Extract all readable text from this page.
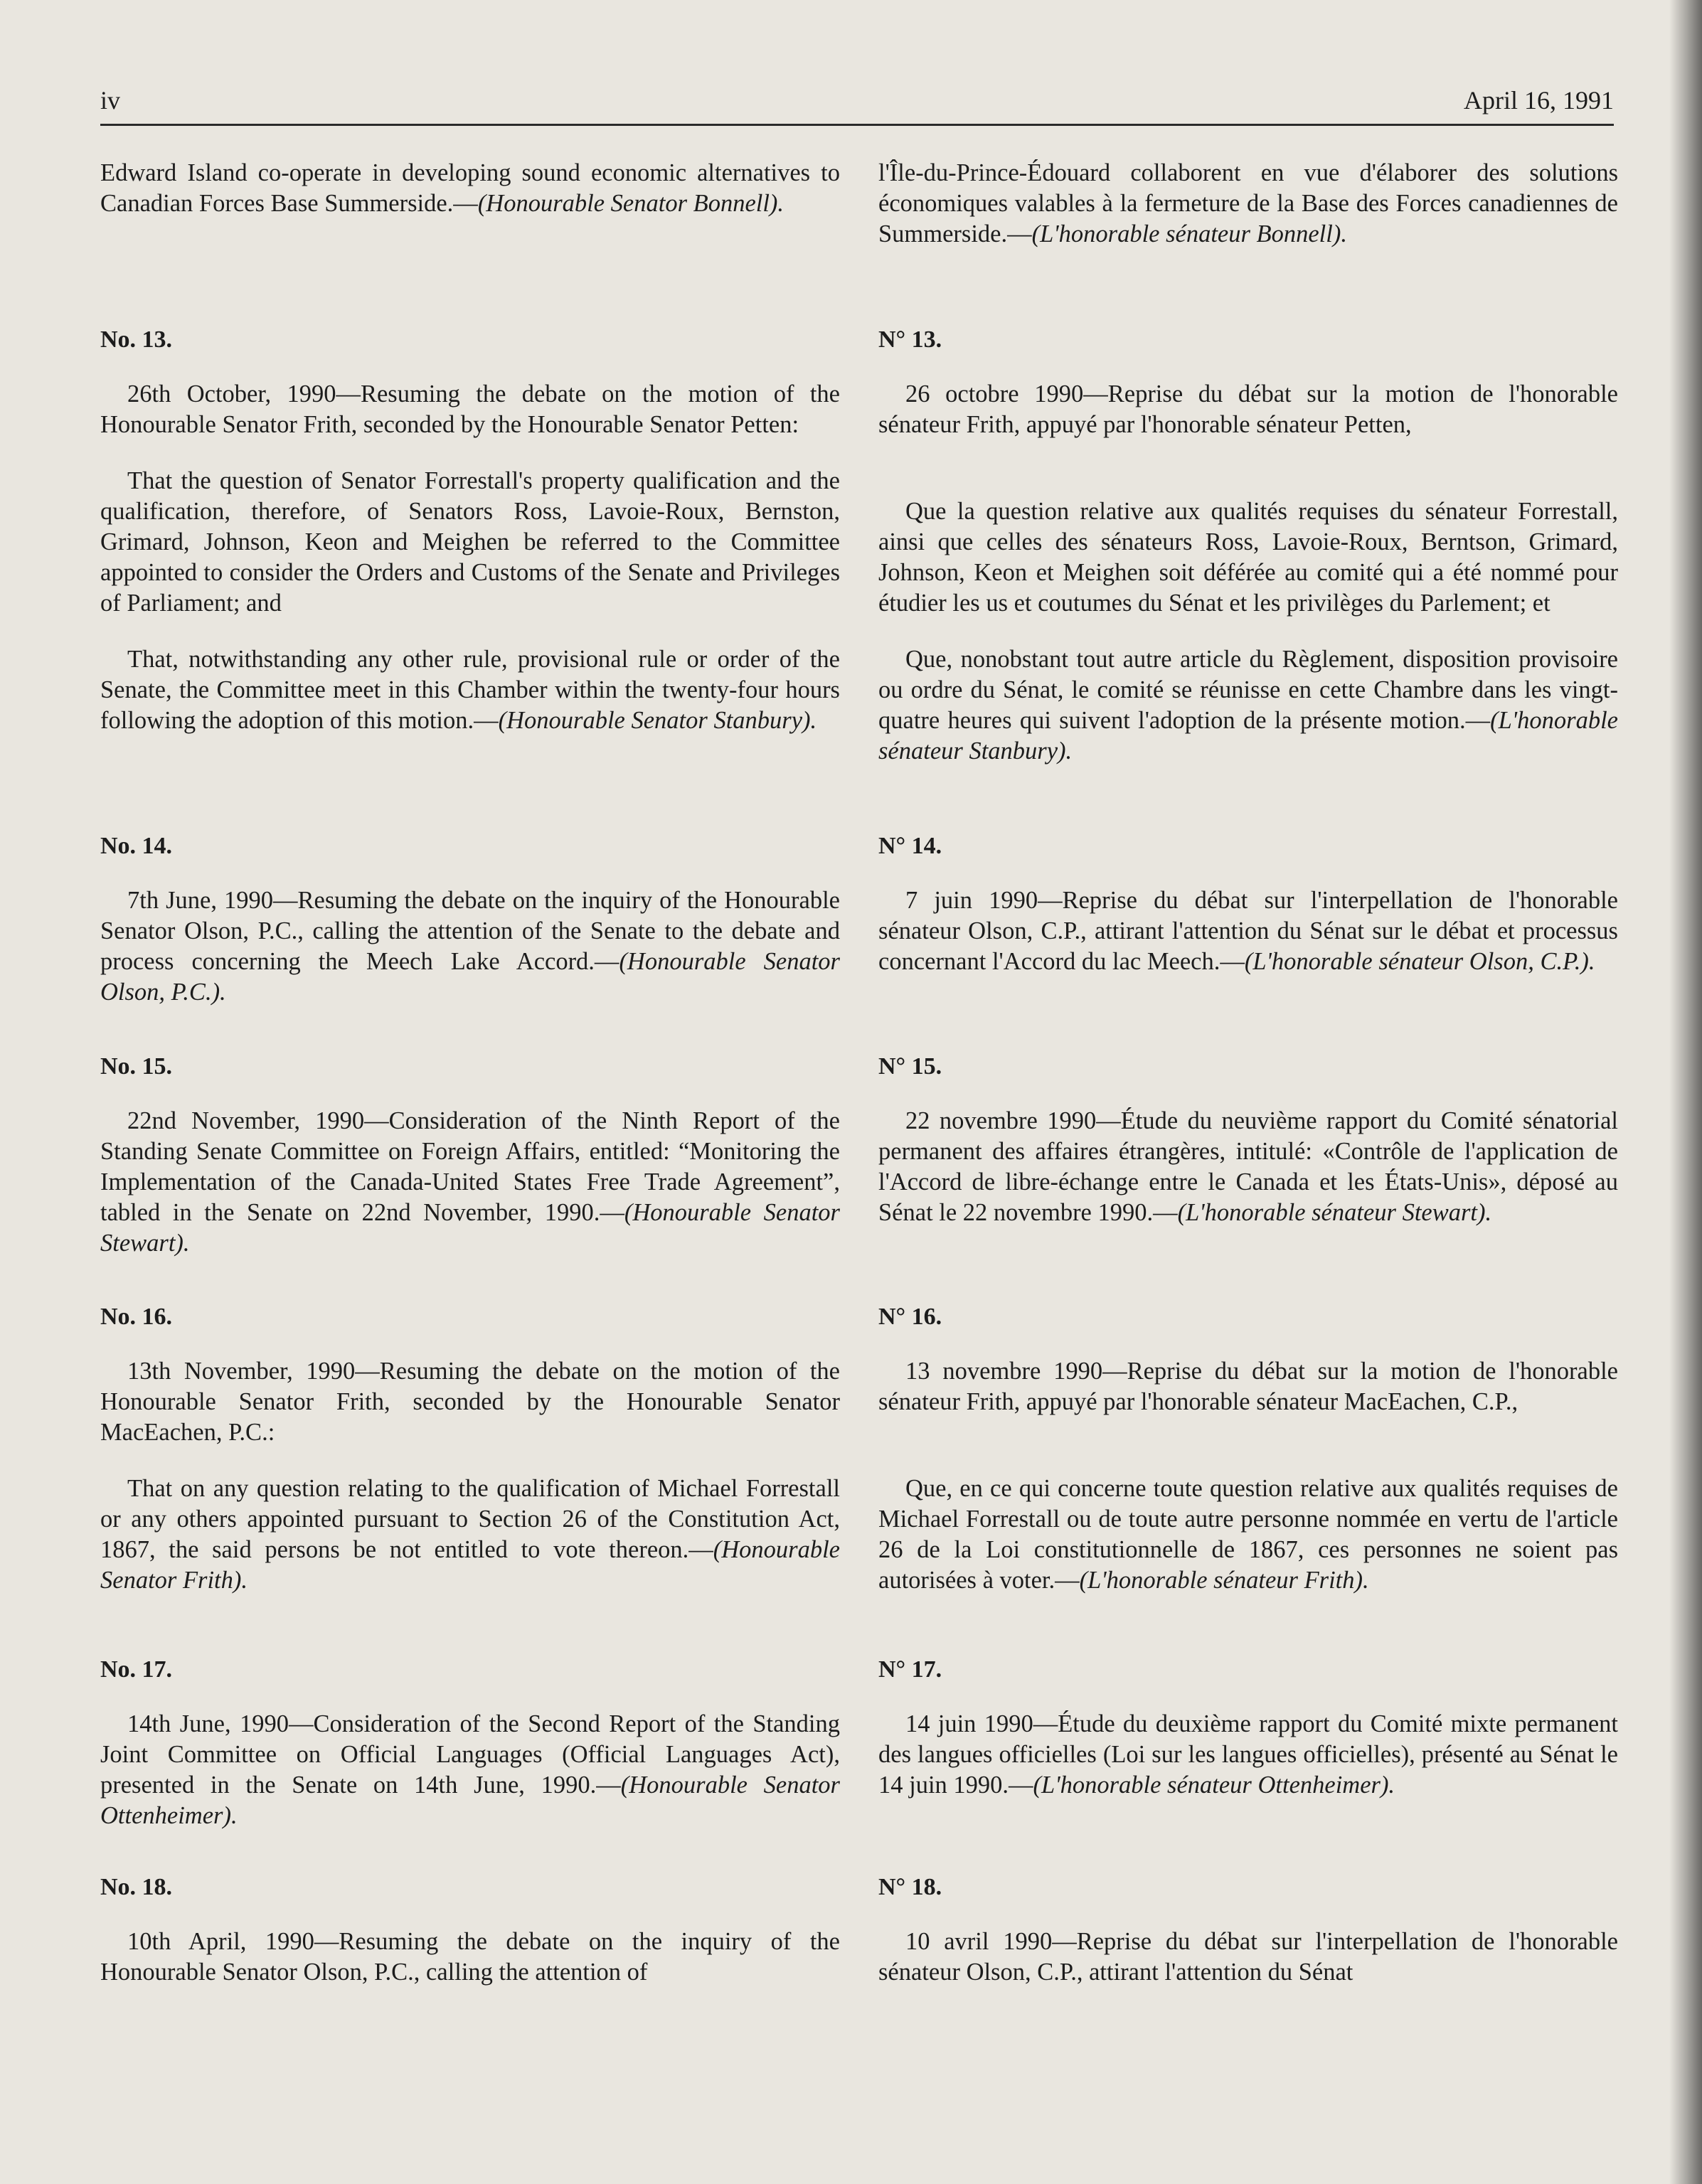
iv	April 16, 1991

Edward Island co-operate in developing sound economic alternatives to Canadian Forces Base Summerside.—(Honourable Senator Bonnell).

No. 13.

26th October, 1990—Resuming the debate on the motion of the Honourable Senator Frith, seconded by the Honourable Senator Petten:

That the question of Senator Forrestall's property qualification and the qualification, therefore, of Senators Ross, Lavoie-Roux, Bernston, Grimard, Johnson, Keon and Meighen be referred to the Committee appointed to consider the Orders and Customs of the Senate and Privileges of Parliament; and

That, notwithstanding any other rule, provisional rule or order of the Senate, the Committee meet in this Chamber within the twenty-four hours following the adoption of this motion.—(Honourable Senator Stanbury).

No. 14.

7th June, 1990—Resuming the debate on the inquiry of the Honourable Senator Olson, P.C., calling the attention of the Senate to the debate and process concerning the Meech Lake Accord.—(Honourable Senator Olson, P.C.).

No. 15.

22nd November, 1990—Consideration of the Ninth Report of the Standing Senate Committee on Foreign Affairs, entitled: “Monitoring the Implementation of the Canada-United States Free Trade Agreement”, tabled in the Senate on 22nd November, 1990.—(Honourable Senator Stewart).

No. 16.

13th November, 1990—Resuming the debate on the motion of the Honourable Senator Frith, seconded by the Honourable Senator MacEachen, P.C.:

That on any question relating to the qualification of Michael Forrestall or any others appointed pursuant to Section 26 of the Constitution Act, 1867, the said persons be not entitled to vote thereon.—(Honourable Senator Frith).

No. 17.

14th June, 1990—Consideration of the Second Report of the Standing Joint Committee on Official Languages (Official Languages Act), presented in the Senate on 14th June, 1990.—(Honourable Senator Ottenheimer).

No. 18.

10th April, 1990—Resuming the debate on the inquiry of the Honourable Senator Olson, P.C., calling the attention of

l'Île-du-Prince-Édouard collaborent en vue d'élaborer des solutions économiques valables à la fermeture de la Base des Forces canadiennes de Summerside.—(L'honorable sénateur Bonnell).

N° 13.

26 octobre 1990—Reprise du débat sur la motion de l'honorable sénateur Frith, appuyé par l'honorable sénateur Petten,

Que la question relative aux qualités requises du sénateur Forrestall, ainsi que celles des sénateurs Ross, Lavoie-Roux, Berntson, Grimard, Johnson, Keon et Meighen soit déférée au comité qui a été nommé pour étudier les us et coutumes du Sénat et les privilèges du Parlement; et

Que, nonobstant tout autre article du Règlement, disposition provisoire ou ordre du Sénat, le comité se réunisse en cette Chambre dans les vingt-quatre heures qui suivent l'adoption de la présente motion.—(L'honorable sénateur Stanbury).

N° 14.

7 juin 1990—Reprise du débat sur l'interpellation de l'honorable sénateur Olson, C.P., attirant l'attention du Sénat sur le débat et processus concernant l'Accord du lac Meech.—(L'honorable sénateur Olson, C.P.).

N° 15.

22 novembre 1990—Étude du neuvième rapport du Comité sénatorial permanent des affaires étrangères, intitulé: «Contrôle de l'application de l'Accord de libre-échange entre le Canada et les États-Unis», déposé au Sénat le 22 novembre 1990.—(L'honorable sénateur Stewart).

N° 16.

13 novembre 1990—Reprise du débat sur la motion de l'honorable sénateur Frith, appuyé par l'honorable sénateur MacEachen, C.P.,

Que, en ce qui concerne toute question relative aux qualités requises de Michael Forrestall ou de toute autre personne nommée en vertu de l'article 26 de la Loi constitutionnelle de 1867, ces personnes ne soient pas autorisées à voter.—(L'honorable sénateur Frith).

N° 17.

14 juin 1990—Étude du deuxième rapport du Comité mixte permanent des langues officielles (Loi sur les langues officielles), présenté au Sénat le 14 juin 1990.—(L'honorable sénateur Ottenheimer).

N° 18.

10 avril 1990—Reprise du débat sur l'interpellation de l'honorable sénateur Olson, C.P., attirant l'attention du Sénat
